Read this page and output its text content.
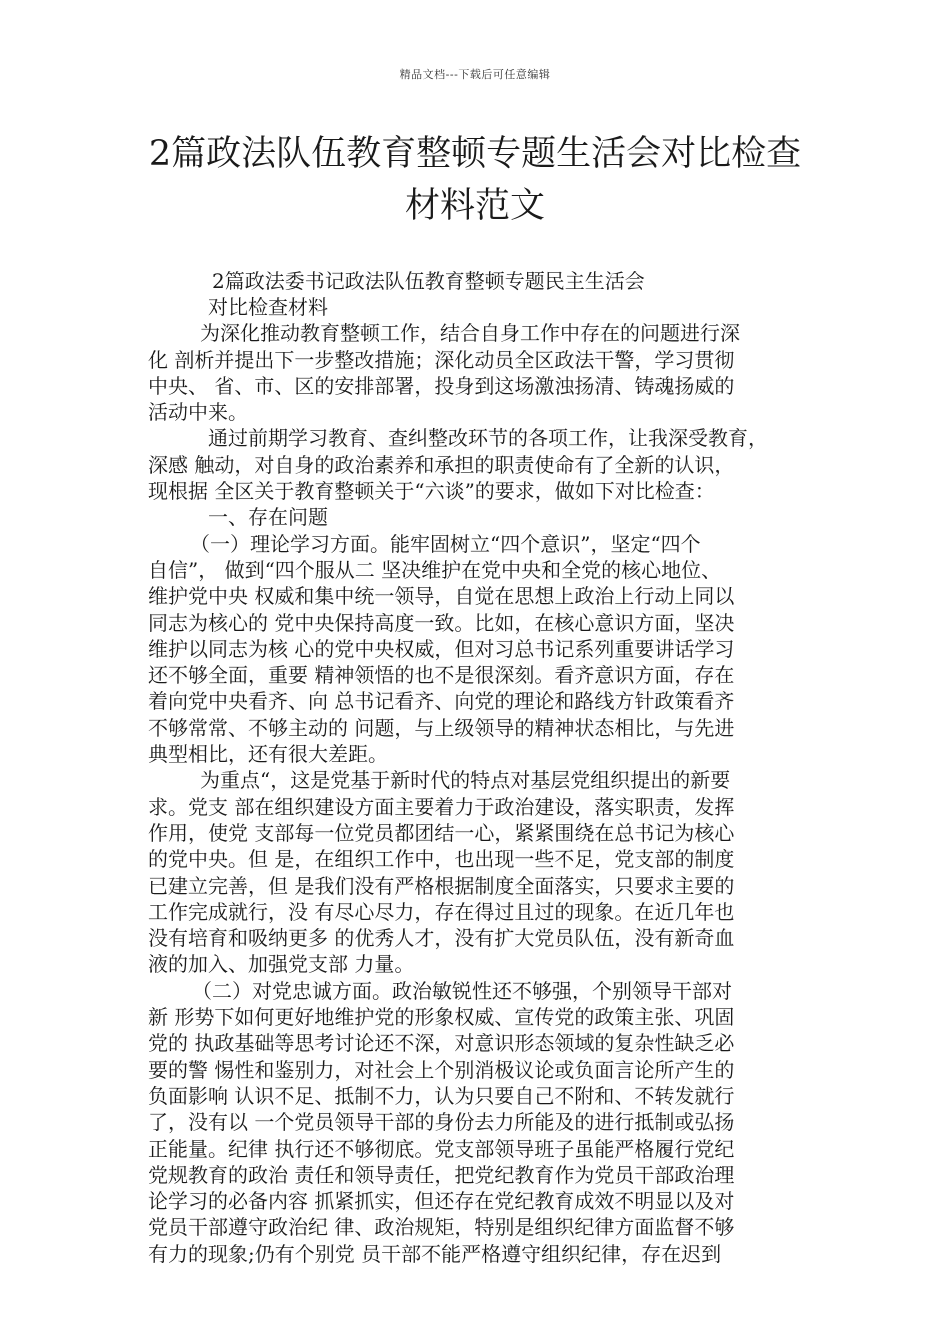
精品文档---下载后可任意编辑
2篇政法队伍教育整顿专题生活会对比检查
材料范文
2篇政法委书记政法队伍教育整顿专题民主生活会
对比检查材料
为深化推动教育整顿工作，结合自身工作中存在的问题进行深
化 剖析并提出下一步整改措施；深化动员全区政法干警，学习贯彻
中央、 省、市、区的安排部署，投身到这场激浊扬清、铸魂扬威的
活动中来。
通过前期学习教育、查纠整改环节的各项工作，让我深受教育，
深感 触动，对自身的政治素养和承担的职责使命有了全新的认识，
现根据 全区关于教育整顿关于“六谈”的要求，做如下对比检查：
一、存在问题
（一）理论学习方面。能牢固树立“四个意识”，坚定“四个
自信”， 做到“四个服从二 坚决维护在党中央和全党的核心地位、
维护党中央 权威和集中统一领导，自觉在思想上政治上行动上同以
同志为核心的 党中央保持高度一致。比如，在核心意识方面，坚决
维护以同志为核 心的党中央权威，但对习总书记系列重要讲话学习
还不够全面，重要 精神领悟的也不是很深刻。看齐意识方面，存在
着向党中央看齐、向 总书记看齐、向党的理论和路线方针政策看齐
不够常常、不够主动的 问题，与上级领导的精神状态相比，与先进
典型相比，还有很大差距。
为重点“，这是党基于新时代的特点对基层党组织提出的新要
求。党支 部在组织建设方面主要着力于政治建设，落实职责，发挥
作用，使党 支部每一位党员都团结一心，紧紧围绕在总书记为核心
的党中央。但 是，在组织工作中，也出现一些不足，党支部的制度
已建立完善，但 是我们没有严格根据制度全面落实，只要求主要的
工作完成就行，没 有尽心尽力，存在得过且过的现象。在近几年也
没有培育和吸纳更多 的优秀人才，没有扩大党员队伍，没有新奇血
液的加入、加强党支部 力量。
（二）对党忠诚方面。政治敏锐性还不够强，个别领导干部对
新 形势下如何更好地维护党的形象权威、宣传党的政策主张、巩固
党的 执政基础等思考讨论还不深，对意识形态领域的复杂性缺乏必
要的警 惕性和鉴别力，对社会上个别消极议论或负面言论所产生的
负面影响 认识不足、抵制不力，认为只要自己不附和、不转发就行
了，没有以 一个党员领导干部的身份去力所能及的进行抵制或弘扬
正能量。纪律 执行还不够彻底。党支部领导班子虽能严格履行党纪
党规教育的政治 责任和领导责任，把党纪教育作为党员干部政治理
论学习的必备内容 抓紧抓实，但还存在党纪教育成效不明显以及对
党员干部遵守政治纪 律、政治规矩，特别是组织纪律方面监督不够
有力的现象;仍有个别党 员干部不能严格遵守组织纪律，存在迟到
